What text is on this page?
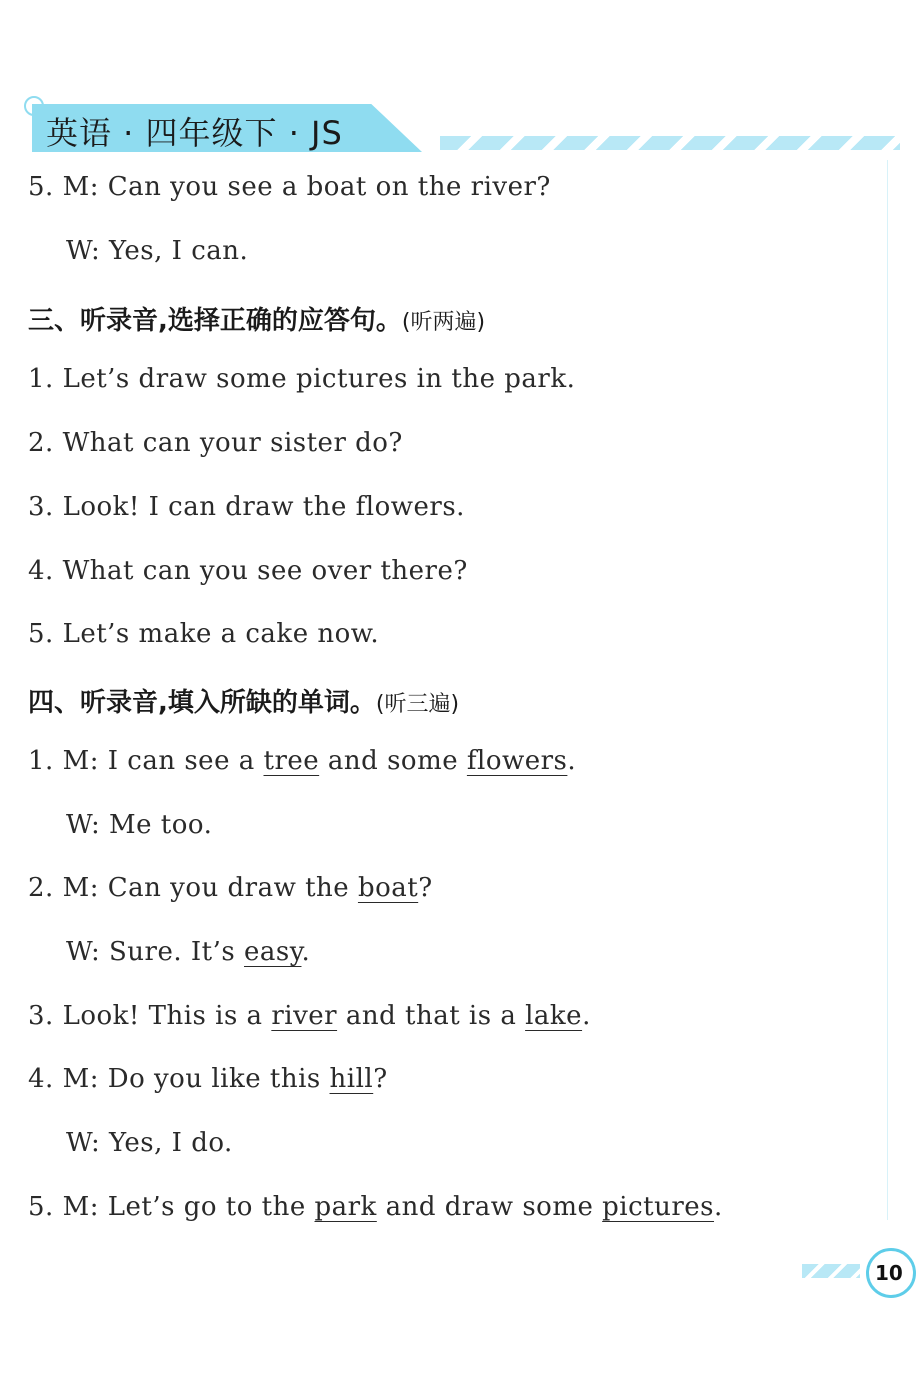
英语 · 四年级下 · JS
5. M: Can you see a boat on the river?
W: Yes, I can.
三、听录音,选择正确的应答句。(听两遍)
1. Let’s draw some pictures in the park.
2. What can your sister do?
3. Look! I can draw the flowers.
4. What can you see over there?
5. Let’s make a cake now.
四、听录音,填入所缺的单词。(听三遍)
1. M: I can see a tree and some flowers.
W: Me too.
2. M: Can you draw the boat?
W: Sure. It’s easy.
3. Look! This is a river and that is a lake.
4. M: Do you like this hill?
W: Yes, I do.
5. M: Let’s go to the park and draw some pictures.
10
